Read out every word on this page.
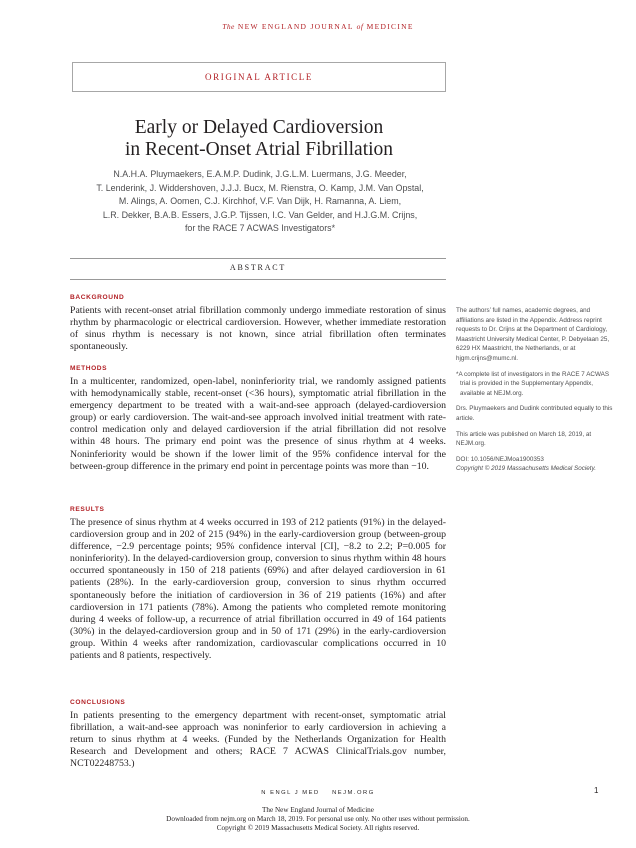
The NEW ENGLAND JOURNAL of MEDICINE
ORIGINAL ARTICLE
Early or Delayed Cardioversion
in Recent-Onset Atrial Fibrillation
N.A.H.A. Pluymaekers, E.A.M.P. Dudink, J.G.L.M. Luermans, J.G. Meeder,
T. Lenderink, J. Widdershoven, J.J.J. Bucx, M. Rienstra, O. Kamp, J.M. Van Opstal,
M. Alings, A. Oomen, C.J. Kirchhof, V.F. Van Dijk, H. Ramanna, A. Liem,
L.R. Dekker, B.A.B. Essers, J.G.P. Tijssen, I.C. Van Gelder, and H.J.G.M. Crijns,
for the RACE 7 ACWAS Investigators*
ABSTRACT
BACKGROUND
Patients with recent-onset atrial fibrillation commonly undergo immediate restoration of sinus rhythm by pharmacologic or electrical cardioversion. However, whether immediate restoration of sinus rhythm is necessary is not known, since atrial fibrillation often terminates spontaneously.
METHODS
In a multicenter, randomized, open-label, noninferiority trial, we randomly assigned patients with hemodynamically stable, recent-onset (<36 hours), symptomatic atrial fibrillation in the emergency department to be treated with a wait-and-see approach (delayed-cardioversion group) or early cardioversion. The wait-and-see approach involved initial treatment with rate-control medication only and delayed cardioversion if the atrial fibrillation did not resolve within 48 hours. The primary end point was the presence of sinus rhythm at 4 weeks. Noninferiority would be shown if the lower limit of the 95% confidence interval for the between-group difference in the primary end point in percentage points was more than −10.
RESULTS
The presence of sinus rhythm at 4 weeks occurred in 193 of 212 patients (91%) in the delayed-cardioversion group and in 202 of 215 (94%) in the early-cardioversion group (between-group difference, −2.9 percentage points; 95% confidence interval [CI], −8.2 to 2.2; P=0.005 for noninferiority). In the delayed-cardioversion group, conversion to sinus rhythm within 48 hours occurred spontaneously in 150 of 218 patients (69%) and after delayed cardioversion in 61 patients (28%). In the early-cardioversion group, conversion to sinus rhythm occurred spontaneously before the initiation of cardioversion in 36 of 219 patients (16%) and after cardioversion in 171 patients (78%). Among the patients who completed remote monitoring during 4 weeks of follow-up, a recurrence of atrial fibrillation occurred in 49 of 164 patients (30%) in the delayed-cardioversion group and in 50 of 171 (29%) in the early-cardioversion group. Within 4 weeks after randomization, cardiovascular complications occurred in 10 patients and 8 patients, respectively.
CONCLUSIONS
In patients presenting to the emergency department with recent-onset, symptomatic atrial fibrillation, a wait-and-see approach was noninferior to early cardioversion in achieving a return to sinus rhythm at 4 weeks. (Funded by the Netherlands Organization for Health Research and Development and others; RACE 7 ACWAS ClinicalTrials.gov number, NCT02248753.)

The authors’ full names, academic degrees, and affiliations are listed in the Appendix. Address reprint requests to Dr. Crijns at the Department of Cardiology, Maastricht University Medical Center, P. Debyelaan 25, 6229 HX Maastricht, the Netherlands, or at hjgm.crijns@mumc.nl.

*A complete list of investigators in the RACE 7 ACWAS trial is provided in the Supplementary Appendix, available at NEJM.org.

Drs. Pluymaekers and Dudink contributed equally to this article.

This article was published on March 18, 2019, at NEJM.org.

DOI: 10.1056/NEJMoa1900353

Copyright © 2019 Massachusetts Medical Society.

N ENGL J MED NEJM.ORG	1
The New England Journal of Medicine
Downloaded from nejm.org on March 18, 2019. For personal use only. No other uses without permission.
Copyright © 2019 Massachusetts Medical Society. All rights reserved.
